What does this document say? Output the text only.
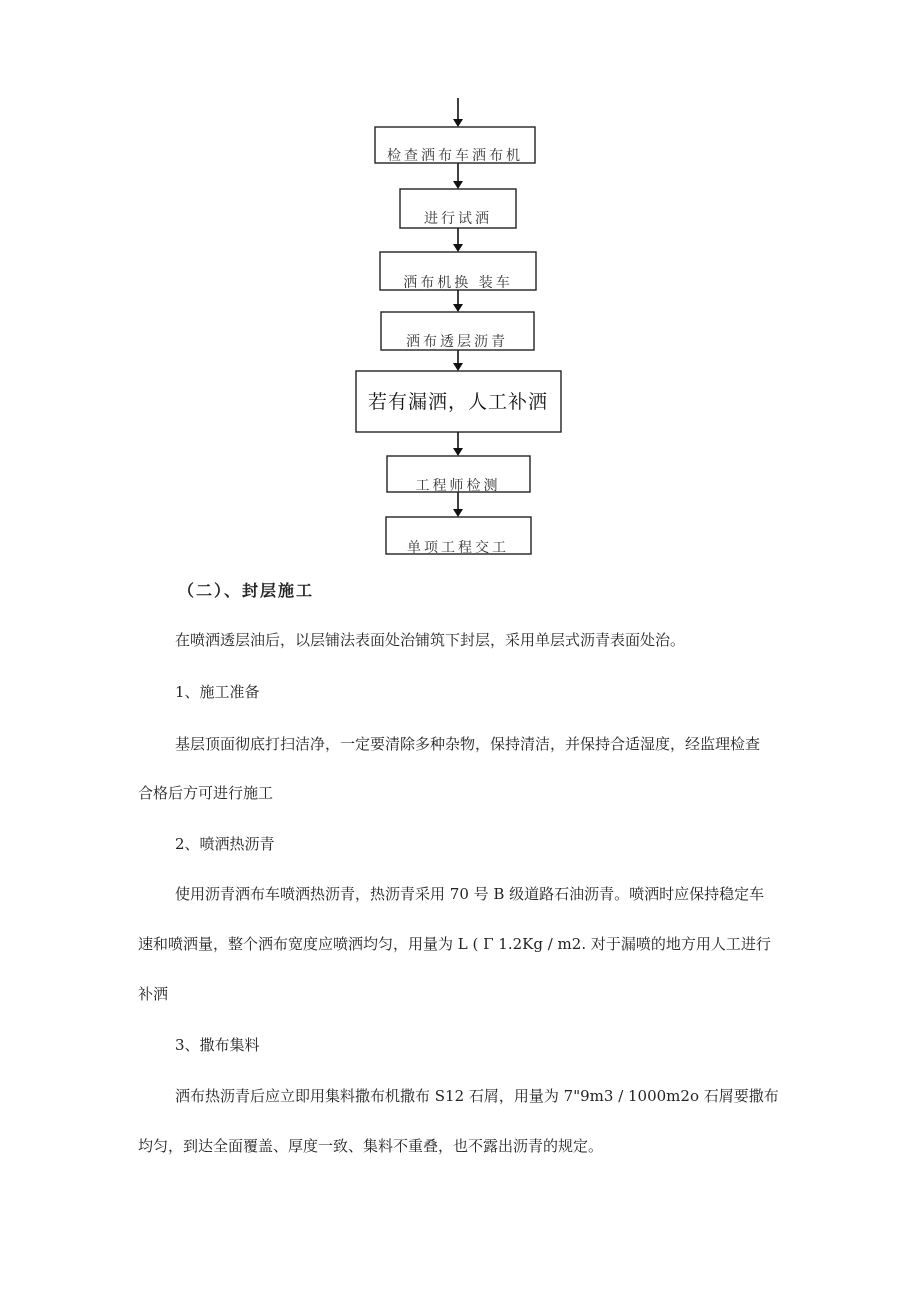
检查洒布车洒布机
进行试洒
洒布机换 装车
洒布透层沥青
若有漏洒，人工补洒
工程师检测
单项工程交工
（二）、封层施工
在喷洒透层油后，以层铺法表面处治铺筑下封层，采用单层式沥青表面处治。
1、施工准备
基层顶面彻底打扫洁净，一定要清除多种杂物，保持清洁，并保持合适湿度，经监理检查
合格后方可进行施工
2、喷洒热沥青
使用沥青洒布车喷洒热沥青，热沥青采用 70 号 B 级道路石油沥青。喷洒时应保持稳定车
速和喷洒量，整个洒布宽度应喷洒均匀，用量为 L ( Γ 1.2Kg / m2. 对于漏喷的地方用人工进行
补洒
3、撒布集料
洒布热沥青后应立即用集料撒布机撒布 S12 石屑，用量为 7"9m3 / 1000m2o 石屑要撒布
均匀，到达全面覆盖、厚度一致、集料不重叠，也不露出沥青的规定。
